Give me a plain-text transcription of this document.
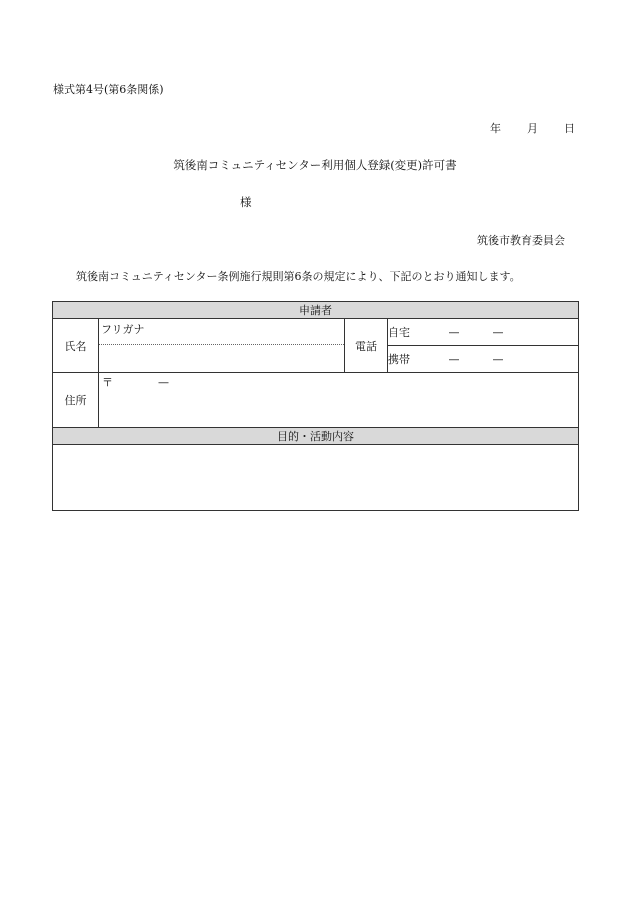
様式第4号(第6条関係)
年 月 日
筑後南コミュニティセンター利用個人登録(変更)許可書
様
筑後市教育委員会
筑後南コミュニティセンター条例施行規則第6条の規定により、下記のとおり通知します。
申請者			
氏名	フリガナ	電話	自宅 — —
			携帯 — —
住所	〒 —		

目的・活動内容			
